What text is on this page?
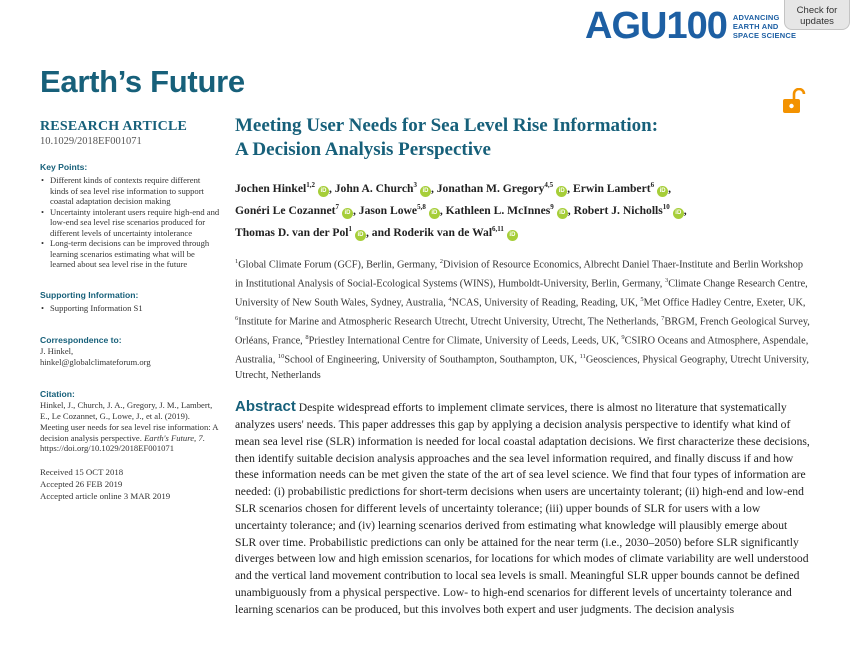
AGU100 ADVANCING
EARTH AND
SPACE SCIENCE
Check for updates
Earth’s Future
RESEARCH ARTICLE
10.1029/2018EF001071
Key Points:
• Different kinds of contexts require different kinds of sea level rise information to support coastal adaptation decision making
• Uncertainty intolerant users require high-end and low-end sea level rise scenarios produced for different levels of uncertainty intolerance
• Long-term decisions can be improved through learning scenarios estimating what will be learned about sea level rise in the future
Supporting Information:
• Supporting Information S1
Correspondence to:
J. Hinkel,
hinkel@globalclimateforum.org
Citation:
Hinkel, J., Church, J. A., Gregory, J. M., Lambert, E., Le Cozannet, G., Lowe, J., et al. (2019). Meeting user needs for sea level rise information: A decision analysis perspective. Earth's Future, 7. https://doi.org/10.1029/2018EF001071
Received 15 OCT 2018
Accepted 26 FEB 2019
Accepted article online 3 MAR 2019
Meeting User Needs for Sea Level Rise Information:
A Decision Analysis Perspective
Jochen Hinkel$^{1,2}$iD , John A. Church$^3$iD , Jonathan M. Gregory$^{4,5}$iD , Erwin Lambert$^6$iD ,
Gonéri Le Cozannet$^7$iD , Jason Lowe$^{5,8}$iD , Kathleen L. McInnes$^9$iD , Robert J. Nicholls$^{10}$iD ,
Thomas D. van der Pol$^1$iD , and Roderik van de Wal$^{6,11}$iD
$^1$Global Climate Forum (GCF), Berlin, Germany, $^2$Division of Resource Economics, Albrecht Daniel Thaer-Institute and Berlin Workshop in Institutional Analysis of Social-Ecological Systems (WINS), Humboldt-University, Berlin, Germany, $^3$Climate Change Research Centre, University of New South Wales, Sydney, Australia, $^4$NCAS, University of Reading, Reading, UK, $^5$Met Office Hadley Centre, Exeter, UK, $^6$Institute for Marine and Atmospheric Research Utrecht, Utrecht University, Utrecht, The Netherlands, $^7$BRGM, French Geological Survey, Orléans, France, $^8$Priestley International Centre for Climate, University of Leeds, Leeds, UK, $^9$CSIRO Oceans and Atmosphere, Aspendale, Australia, $^{10}$School of Engineering, University of Southampton, Southampton, UK, $^{11}$Geosciences, Physical Geography, Utrecht University, Utrecht, Netherlands
Abstract Despite widespread efforts to implement climate services, there is almost no literature that systematically analyzes users' needs. This paper addresses this gap by applying a decision analysis perspective to identify what kind of mean sea level rise (SLR) information is needed for local coastal adaptation decisions. We first characterize these decisions, then identify suitable decision analysis approaches and the sea level information required, and finally discuss if and how these information needs can be met given the state of the art of sea level science. We find that four types of information are needed: (i) probabilistic predictions for short-term decisions when users are uncertainty tolerant; (ii) high-end and low-end SLR scenarios chosen for different levels of uncertainty tolerance; (iii) upper bounds of SLR for users with a low uncertainty tolerance; and (iv) learning scenarios derived from estimating what knowledge will plausibly emerge about SLR over time. Probabilistic predictions can only be attained for the near term (i.e., 2030–2050) before SLR significantly diverges between low and high emission scenarios, for locations for which modes of climate variability are well understood and the vertical land movement contribution to local sea levels is small. Meaningful SLR upper bounds cannot be defined unambiguously from a physical perspective. Low- to high-end scenarios for different levels of uncertainty tolerance and learning scenarios can be produced, but this involves both expert and user judgments. The decision analysis
